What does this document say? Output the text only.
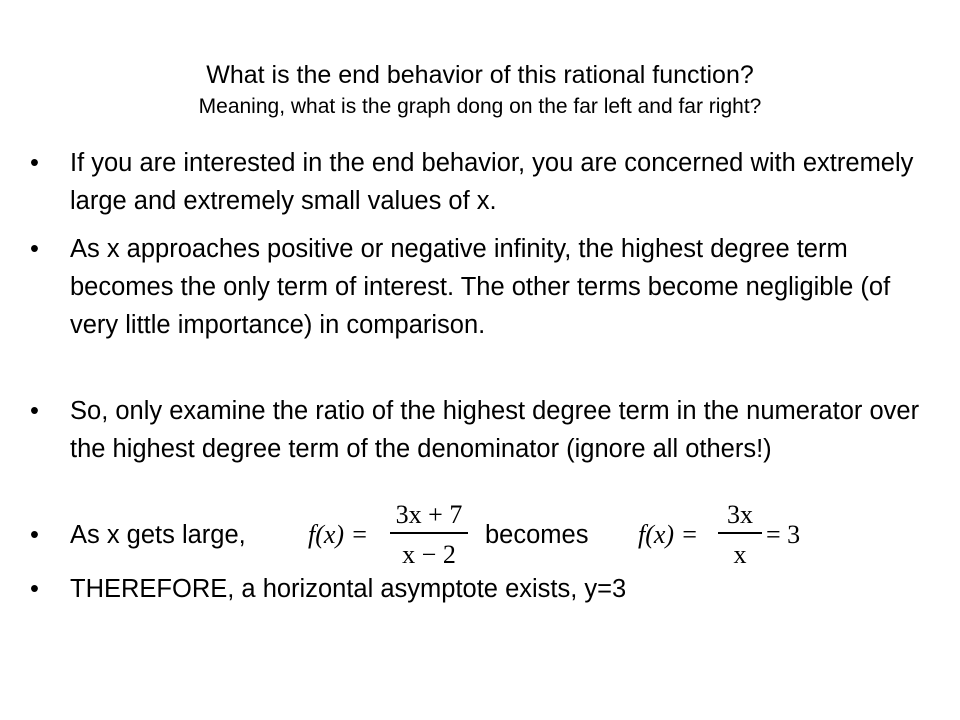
What is the end behavior of this rational function?
Meaning, what is the graph dong on the far left and far right?
• If you are interested in the end behavior, you are concerned with extremely large and extremely small values of x.
• As x approaches positive or negative infinity, the highest degree term becomes the only term of interest. The other terms become negligible (of very little importance) in comparison.
• So, only examine the ratio of the highest degree term in the numerator over the highest degree term of the denominator (ignore all others!)
• As x gets large, f(x) =
3x + 7
x − 2
becomes f(x) =
3x
x
= 3
• THEREFORE, a horizontal asymptote exists, y=3
